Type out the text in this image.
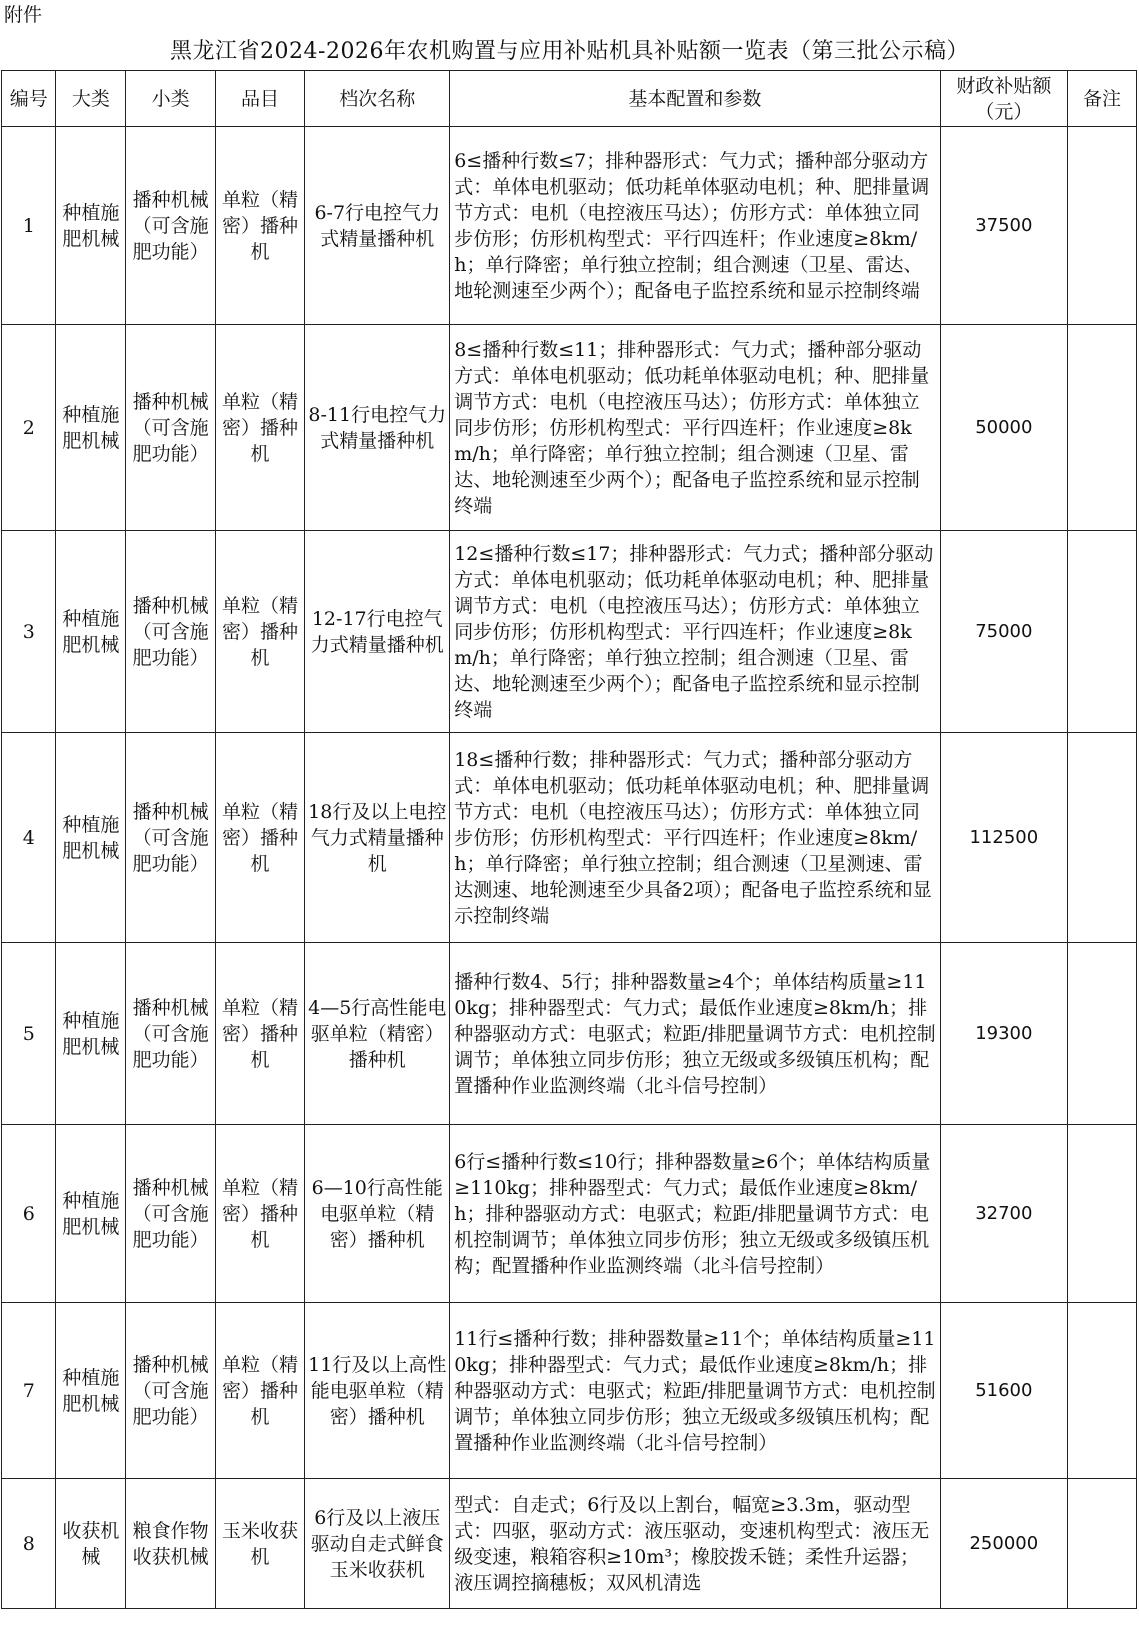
附件
黑龙江省2024-2026年农机购置与应用补贴机具补贴额一览表（第三批公示稿）
编号	大类	小类	品目	档次名称	基本配置和参数	财政补贴额（元）	备注
1	种植施肥机械	播种机械（可含施肥功能）	单粒（精密）播种机	6-7行电控气力式精量播种机	6≤播种行数≤7；排种器形式：气力式；播种部分驱动方式：单体电机驱动；低功耗单体驱动电机；种、肥排量调节方式：电机（电控液压马达）；仿形方式：单体独立同步仿形；仿形机构型式：平行四连杆；作业速度≥8km/h；单行降密；单行独立控制；组合测速（卫星、雷达、地轮测速至少两个）；配备电子监控系统和显示控制终端	37500	
2	种植施肥机械	播种机械（可含施肥功能）	单粒（精密）播种机	8-11行电控气力式精量播种机	8≤播种行数≤11；排种器形式：气力式；播种部分驱动方式：单体电机驱动；低功耗单体驱动电机；种、肥排量调节方式：电机（电控液压马达）；仿形方式：单体独立同步仿形；仿形机构型式：平行四连杆；作业速度≥8km/h；单行降密；单行独立控制；组合测速（卫星、雷达、地轮测速至少两个）；配备电子监控系统和显示控制终端	50000	
3	种植施肥机械	播种机械（可含施肥功能）	单粒（精密）播种机	12-17行电控气力式精量播种机	12≤播种行数≤17；排种器形式：气力式；播种部分驱动方式：单体电机驱动；低功耗单体驱动电机；种、肥排量调节方式：电机（电控液压马达）；仿形方式：单体独立同步仿形；仿形机构型式：平行四连杆；作业速度≥8km/h；单行降密；单行独立控制；组合测速（卫星、雷达、地轮测速至少两个）；配备电子监控系统和显示控制终端	75000	
4	种植施肥机械	播种机械（可含施肥功能）	单粒（精密）播种机	18行及以上电控气力式精量播种机	18≤播种行数；排种器形式：气力式；播种部分驱动方式：单体电机驱动；低功耗单体驱动电机；种、肥排量调节方式：电机（电控液压马达）；仿形方式：单体独立同步仿形；仿形机构型式：平行四连杆；作业速度≥8km/h；单行降密；单行独立控制；组合测速（卫星测速、雷达测速、地轮测速至少具备2项）；配备电子监控系统和显示控制终端	112500	
5	种植施肥机械	播种机械（可含施肥功能）	单粒（精密）播种机	4—5行高性能电驱单粒（精密）播种机	播种行数4、5行；排种器数量≥4个；单体结构质量≥110kg；排种器型式：气力式；最低作业速度≥8km/h；排种器驱动方式：电驱式；粒距/排肥量调节方式：电机控制调节；单体独立同步仿形；独立无级或多级镇压机构；配置播种作业监测终端（北斗信号控制）	19300	
6	种植施肥机械	播种机械（可含施肥功能）	单粒（精密）播种机	6—10行高性能电驱单粒（精密）播种机	6行≤播种行数≤10行；排种器数量≥6个；单体结构质量≥110kg；排种器型式：气力式；最低作业速度≥8km/h；排种器驱动方式：电驱式；粒距/排肥量调节方式：电机控制调节；单体独立同步仿形；独立无级或多级镇压机构；配置播种作业监测终端（北斗信号控制）	32700	
7	种植施肥机械	播种机械（可含施肥功能）	单粒（精密）播种机	11行及以上高性能电驱单粒（精密）播种机	11行≤播种行数；排种器数量≥11个；单体结构质量≥110kg；排种器型式：气力式；最低作业速度≥8km/h；排种器驱动方式：电驱式；粒距/排肥量调节方式：电机控制调节；单体独立同步仿形；独立无级或多级镇压机构；配置播种作业监测终端（北斗信号控制）	51600	
8	收获机械	粮食作物收获机械	玉米收获机	6行及以上液压驱动自走式鲜食玉米收获机	型式：自走式；6行及以上割台，幅宽≥3.3m，驱动型式：四驱，驱动方式：液压驱动，变速机构型式：液压无级变速，粮箱容积≥10m³；橡胶拨禾链；柔性升运器；液压调控摘穗板；双风机清选	250000	
